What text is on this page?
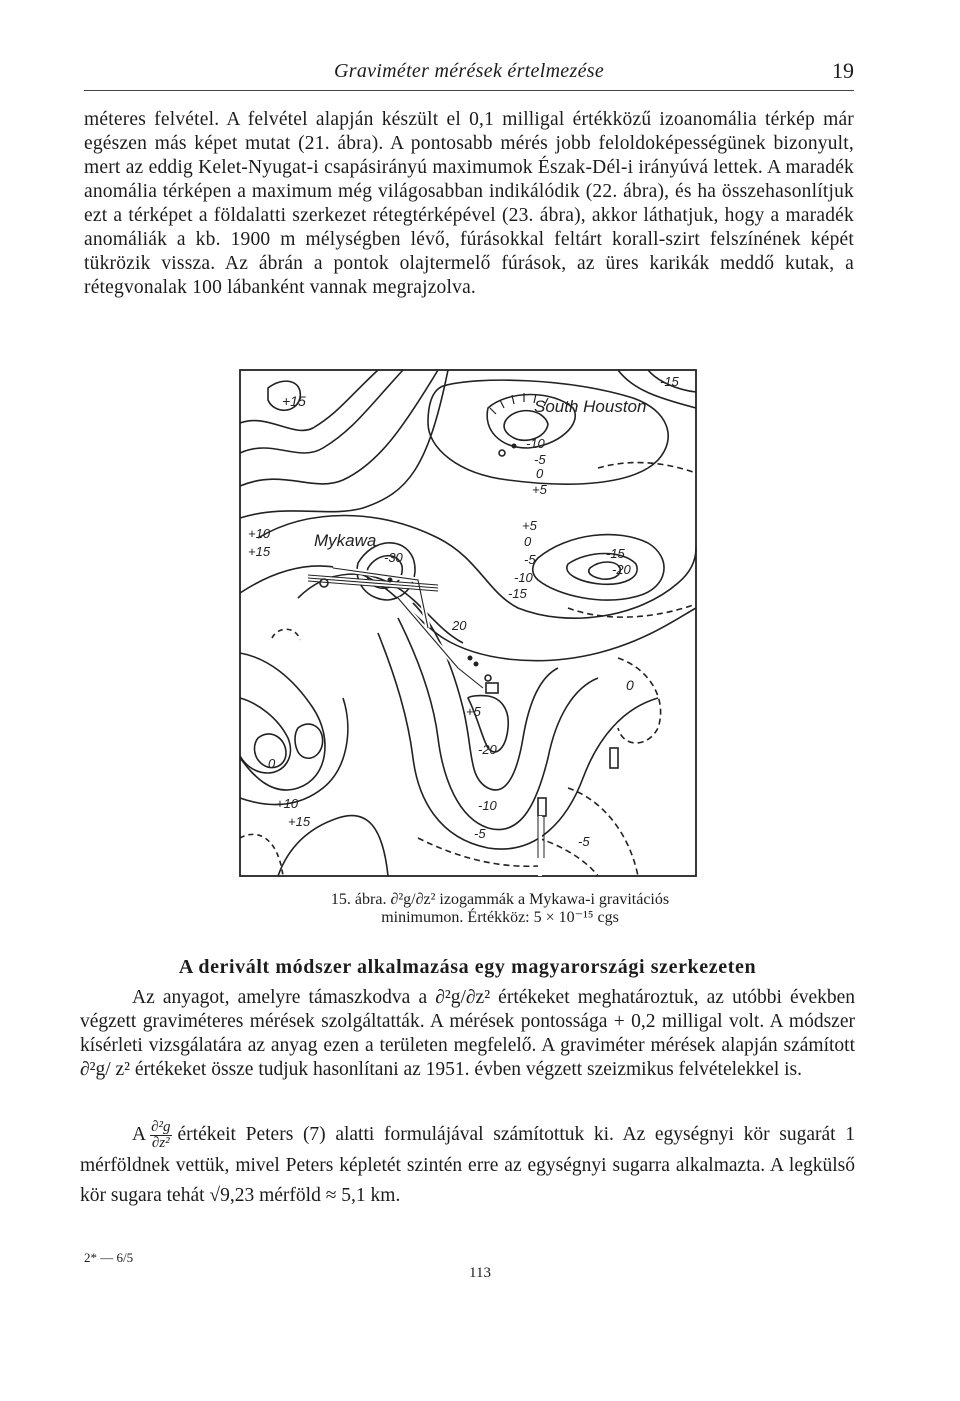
Graviméter mérések értelmezése	19

méteres felvétel. A felvétel alapján készült el 0,1 milligal értékközű izoanomália térkép már egészen más képet mutat (21. ábra). A pontosabb mérés jobb feloldoképességünek bizonyult, mert az eddig Kelet-Nyugat-i csapásirányú maximumok Észak-Dél-i irányúvá lettek. A maradék anomália térképen a maximum még világosabban indikálódik (22. ábra), és ha összehasonlítjuk ezt a térképet a földalatti szerkezet rétegtérképével (23. ábra), akkor láthatjuk, hogy a maradék anomáliák a kb. 1900 m mélységben lévő, fúrásokkal feltárt korall-szirt felszínének képét tükrözik vissza. Az ábrán a pontok olajtermelő fúrások, az üres karikák meddő kutak, a rétegvonalak 100 lábanként vannak megrajzolva.

South Houston
Mykawa
+15
-15
-10
-5
0
+5
+5
0
-5
-10
-15
-15
-20
-30
20
+10
+15
0
+5
-20
-10
-5
-5
0
+10
+15

15. ábra. ∂²g/∂z² izogammák a Mykawa-i gravitációs minimumon. Értékköz: 5 × 10⁻¹⁵ cgs

A derivált módszer alkalmazása egy magyarországi szerkezeten

Az anyagot, amelyre támaszkodva a ∂²g/∂z² értékeket meghatároztuk, az utóbbi években végzett graviméteres mérések szolgáltatták. A mérések pontossága + 0,2 milligal volt. A módszer kísérleti vizsgálatára az anyag ezen a területen megfelelő. A graviméter mérések alapján számított ∂²g/ z² értékeket össze tudjuk hasonlítani az 1951. évben végzett szeizmikus felvételekkel is.

A $\frac{\text{∂²g}}{\text{∂z²}}$ értékeit Peters (7) alatti formulájával számítottuk ki. Az egységnyi kör sugarát 1 mérföldnek vettük, mivel Peters képletét szintén erre az egységnyi sugarra alkalmazta. A legkülső kör sugara tehát √9,23 mérföld ≈ 5,1 km.

2* — 6/5
113
